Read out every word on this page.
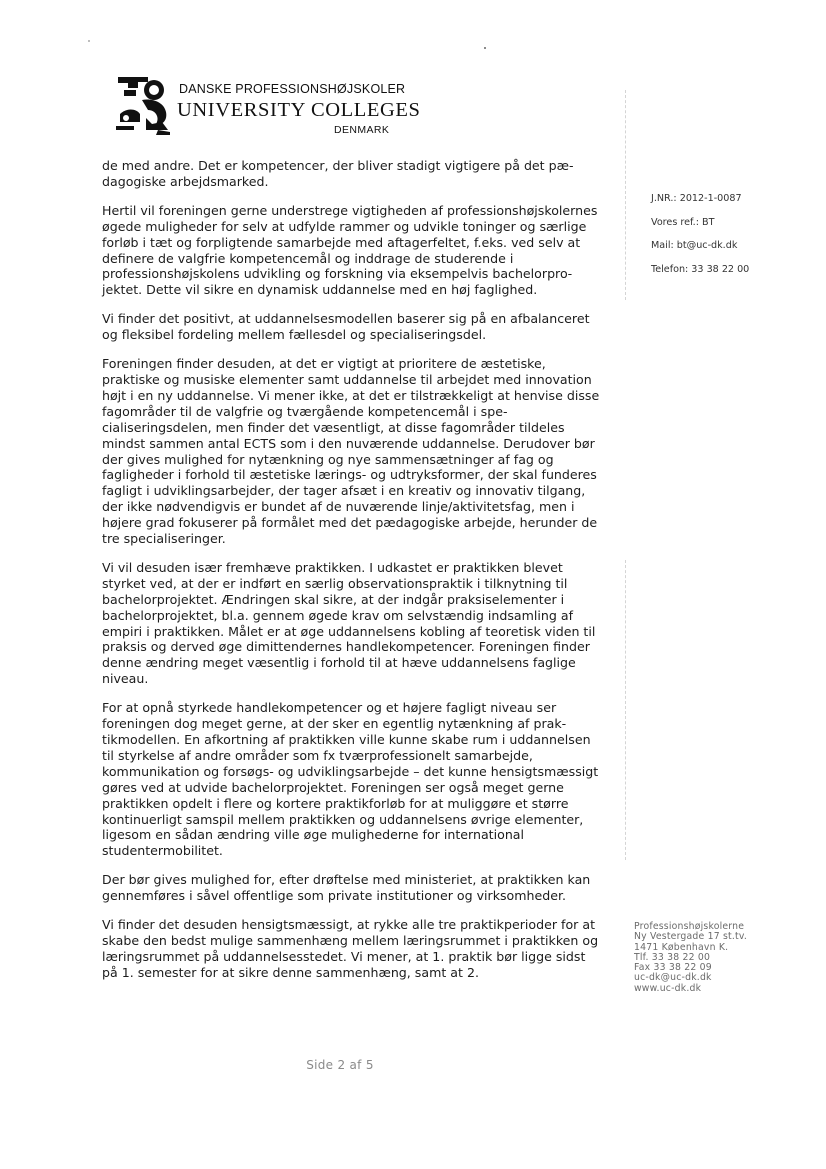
DANSKE PROFESSIONSHØJSKOLER
UNIVERSITY COLLEGES
DENMARK

de med andre. Det er kompetencer, der bliver stadigt vigtigere på det pædagogiske arbejdsmarked.

Hertil vil foreningen gerne understrege vigtigheden af professionshøjskolernes øgede muligheder for selv at udfylde rammer og udvikle toninger og særlige forløb i tæt og forpligtende samarbejde med aftagerfeltet, f.eks. ved selv at definere de valgfrie kompetencemål og inddrage de studerende i professionshøjskolens udvikling og forskning via eksempelvis bachelorprojektet. Dette vil sikre en dynamisk uddannelse med en høj faglighed.

Vi finder det positivt, at uddannelsesmodellen baserer sig på en afbalanceret og fleksibel fordeling mellem fællesdel og specialiseringsdel.

Foreningen finder desuden, at det er vigtigt at prioritere de æstetiske, praktiske og musiske elementer samt uddannelse til arbejdet med innovation højt i en ny uddannelse. Vi mener ikke, at det er tilstrækkeligt at henvise disse fagområder til de valgfrie og tværgående kompetencemål i specialiseringsdelen, men finder det væsentligt, at disse fagområder tildeles mindst sammen antal ECTS som i den nuværende uddannelse. Derudover bør der gives mulighed for nytænkning og nye sammensætninger af fag og fagligheder i forhold til æstetiske lærings- og udtryksformer, der skal funderes fagligt i udviklingsarbejder, der tager afsæt i en kreativ og innovativ tilgang, der ikke nødvendigvis er bundet af de nuværende linje/aktivitetsfag, men i højere grad fokuserer på formålet med det pædagogiske arbejde, herunder de tre specialiseringer.

Vi vil desuden især fremhæve praktikken. I udkastet er praktikken blevet styrket ved, at der er indført en særlig observationspraktik i tilknytning til bachelorprojektet. Ændringen skal sikre, at der indgår praksiselementer i bachelorprojektet, bl.a. gennem øgede krav om selvstændig indsamling af empiri i praktikken. Målet er at øge uddannelsens kobling af teoretisk viden til praksis og derved øge dimittendernes handlekompetencer. Foreningen finder denne ændring meget væsentlig i forhold til at hæve uddannelsens faglige niveau.

For at opnå styrkede handlekompetencer og et højere fagligt niveau ser foreningen dog meget gerne, at der sker en egentlig nytænkning af praktikmodellen. En afkortning af praktikken ville kunne skabe rum i uddannelsen til styrkelse af andre områder som fx tværprofessionelt samarbejde, kommunikation og forsøgs- og udviklingsarbejde – det kunne hensigtsmæssigt gøres ved at udvide bachelorprojektet. Foreningen ser også meget gerne praktikken opdelt i flere og kortere praktikforløb for at muliggøre et større kontinuerligt samspil mellem praktikken og uddannelsens øvrige elementer, ligesom en sådan ændring ville øge mulighederne for international studentermobilitet.

Der bør gives mulighed for, efter drøftelse med ministeriet, at praktikken kan gennemføres i såvel offentlige som private institutioner og virksomheder.

Vi finder det desuden hensigtsmæssigt, at rykke alle tre praktikperioder for at skabe den bedst mulige sammenhæng mellem læringsrummet i praktikken og læringsrummet på uddannelsesstedet. Vi mener, at 1. praktik bør ligge sidst på 1. semester for at sikre denne sammenhæng, samt at 2.

J.NR.: 2012-1-0087
Vores ref.: BT
Mail: bt@uc-dk.dk
Telefon: 33 38 22 00
Professionshøjskolerne
Ny Vestergade 17 st.tv.
1471 København K.
Tlf. 33 38 22 00
Fax 33 38 22 09
uc-dk@uc-dk.dk
www.uc-dk.dk
Side 2 af 5
